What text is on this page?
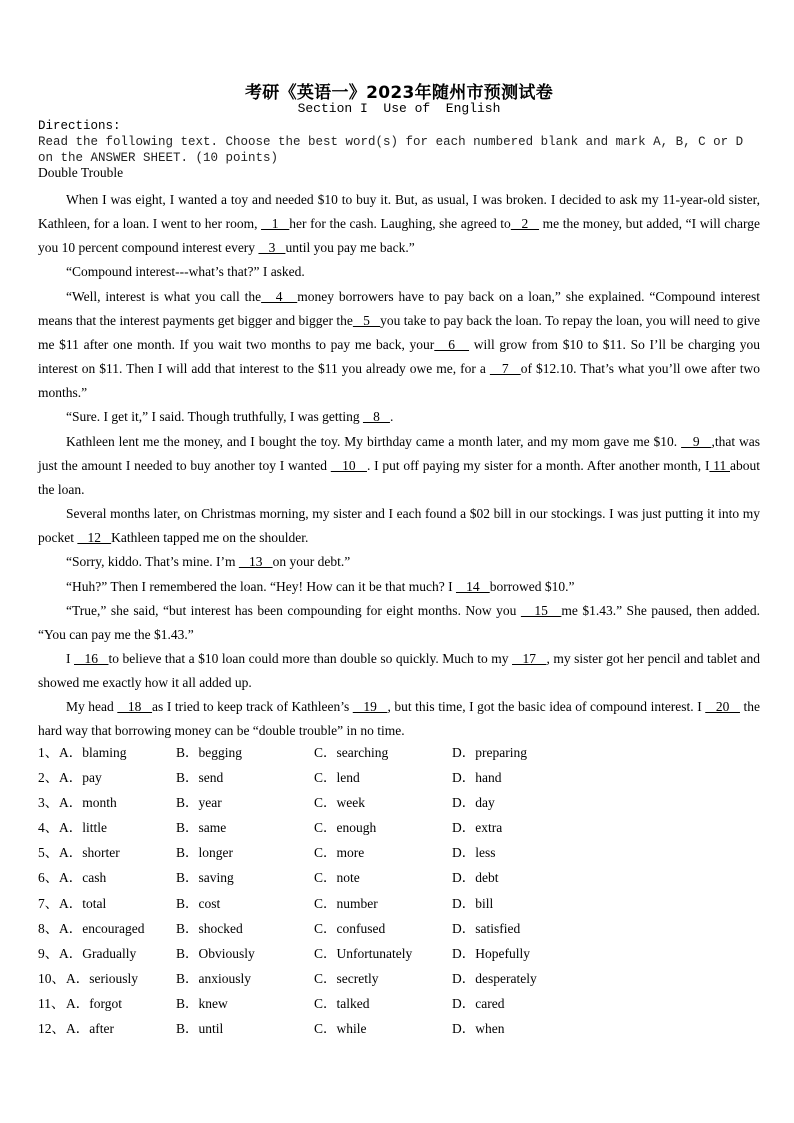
考研《英语一》2023年随州市预测试卷
Section I  Use of  English
Directions:
Read the following text. Choose the best word(s) for each numbered blank and mark A, B, C or D on the ANSWER SHEET. (10 points)
Double Trouble

When I was eight, I wanted a toy and needed $10 to buy it. But, as usual, I was broken. I decided to ask my 11-year-old sister, Kathleen, for a loan. I went to her room,    1   her for the cash. Laughing, she agreed to   2    me the money, but added, “I will charge you 10 percent compound interest every    3   until you pay me back.”

“Compound interest---what’s that?” I asked.

“Well, interest is what you call the   4   money borrowers have to pay back on a loan,” she explained. “Compound interest means that the interest payments get bigger and bigger the   5   you take to pay back the loan. To repay the loan, you will need to give me $11 after one month. If you wait two months to pay me back, your   6    will grow from $10 to $11. So I’ll be charging you interest on $11. Then I will add that interest to the $11 you already owe me, for a    7   of $12.10. That’s what you’ll owe after two months.”

“Sure. I get it,” I said. Though truthfully, I was getting    8   .

Kathleen lent me the money, and I bought the toy. My birthday came a month later, and my mom gave me $10.    9   ,that was just the amount I needed to buy another toy I wanted    10   . I put off paying my sister for a month. After another month, I 11 about the loan.

Several months later, on Christmas morning, my sister and I each found a $02 bill in our stockings. I was just putting it into my pocket    12   Kathleen tapped me on the shoulder.

“Sorry, kiddo. That’s mine. I’m    13   on your debt.”

“Huh?” Then I remembered the loan. “Hey! How can it be that much? I    14   borrowed $10.”

“True,” she said, “but interest has been compounding for eight months. Now you    15   me $1.43.” She paused, then added. “You can pay me the $1.43.”

I    16   to believe that a $10 loan could more than double so quickly. Much to my    17   , my sister got her pencil and tablet and showed me exactly how it all added up.

My head    18   as I tried to keep track of Kathleen’s    19   , but this time, I got the basic idea of compound interest. I    20    the hard way that borrowing money can be “double trouble” in no time.

1、 A．blaming	B．begging	C．searching	D．preparing
2、 A．pay	B．send	C．lend	D．hand
3、 A．month	B．year	C．week	D．day
4、 A．little	B．same	C．enough	D．extra
5、 A．shorter	B．longer	C．more	D．less
6、 A．cash	B．saving	C．note	D．debt
7、 A．total	B．cost	C．number	D．bill
8、 A．encouraged B．shocked	C．confused	D．satisfied
9、 A．Gradually	B．Obviously	C．Unfortunately	D．Hopefully
10、 A．seriously	B．anxiously	C．secretly	D．desperately
11、 A．forgot	B．knew	C．talked	D．cared
12、 A．after	B．until	C．while	D．when
